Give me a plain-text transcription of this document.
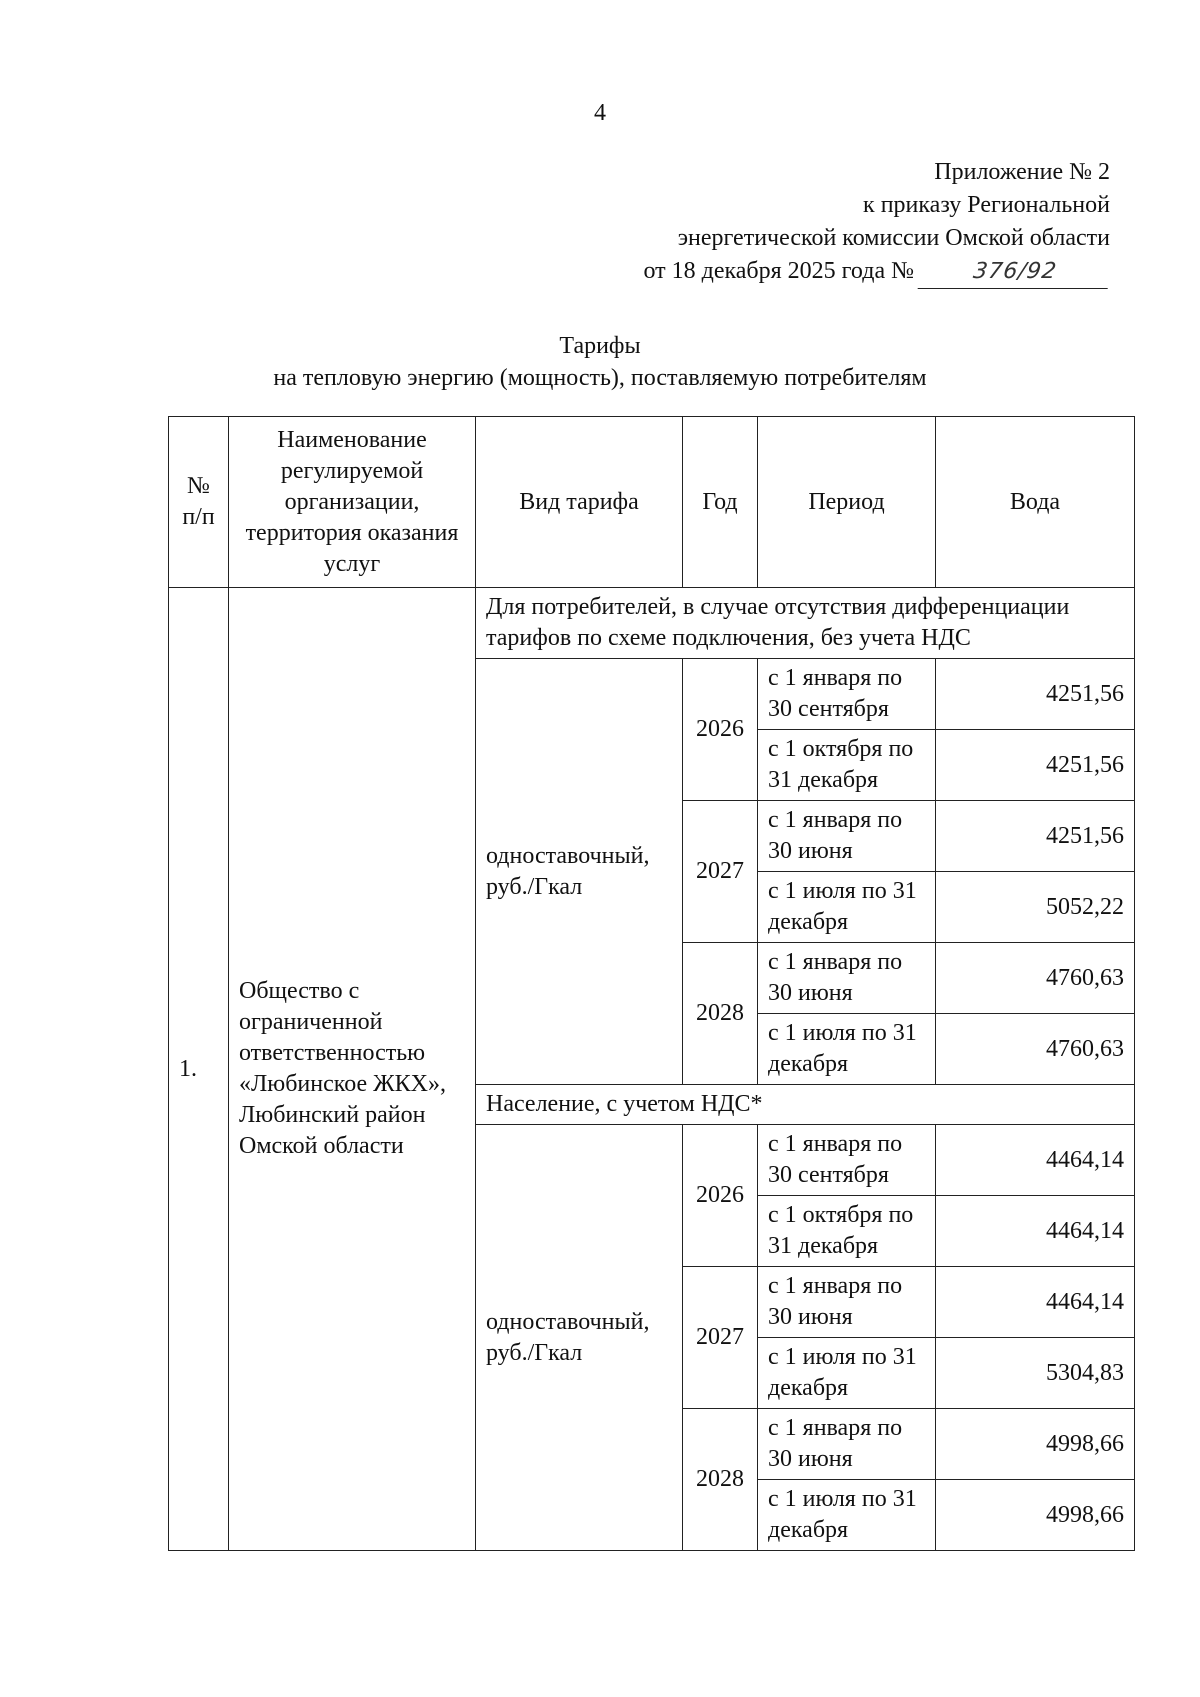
4
Приложение № 2
к приказу Региональной
энергетической комиссии Омской области
от 18 декабря 2025 года №	376/92
Тарифы
на тепловую энергию (мощность), поставляемую потребителям
№ п/п	Наименование регулируемой организации, территория оказания услуг	Вид тарифа	Год	Период	Вода
1.	Общество с ограниченной ответственностью «Любинское ЖКХ», Любинский район Омской области	Для потребителей, в случае отсутствия дифференциации тарифов по схеме подключения, без учета НДС			
		одноставочный, руб./Гкал	2026	с 1 января по 30 сентября	4251,56
				с 1 октября по 31 декабря	4251,56
			2027	с 1 января по 30 июня	4251,56
				с 1 июля по 31 декабря	5052,22
			2028	с 1 января по 30 июня	4760,63
				с 1 июля по 31 декабря	4760,63
		Население, с учетом НДС*			
		одноставочный, руб./Гкал	2026	с 1 января по 30 сентября	4464,14
				с 1 октября по 31 декабря	4464,14
			2027	с 1 января по 30 июня	4464,14
				с 1 июля по 31 декабря	5304,83
			2028	с 1 января по 30 июня	4998,66
				с 1 июля по 31 декабря	4998,66
